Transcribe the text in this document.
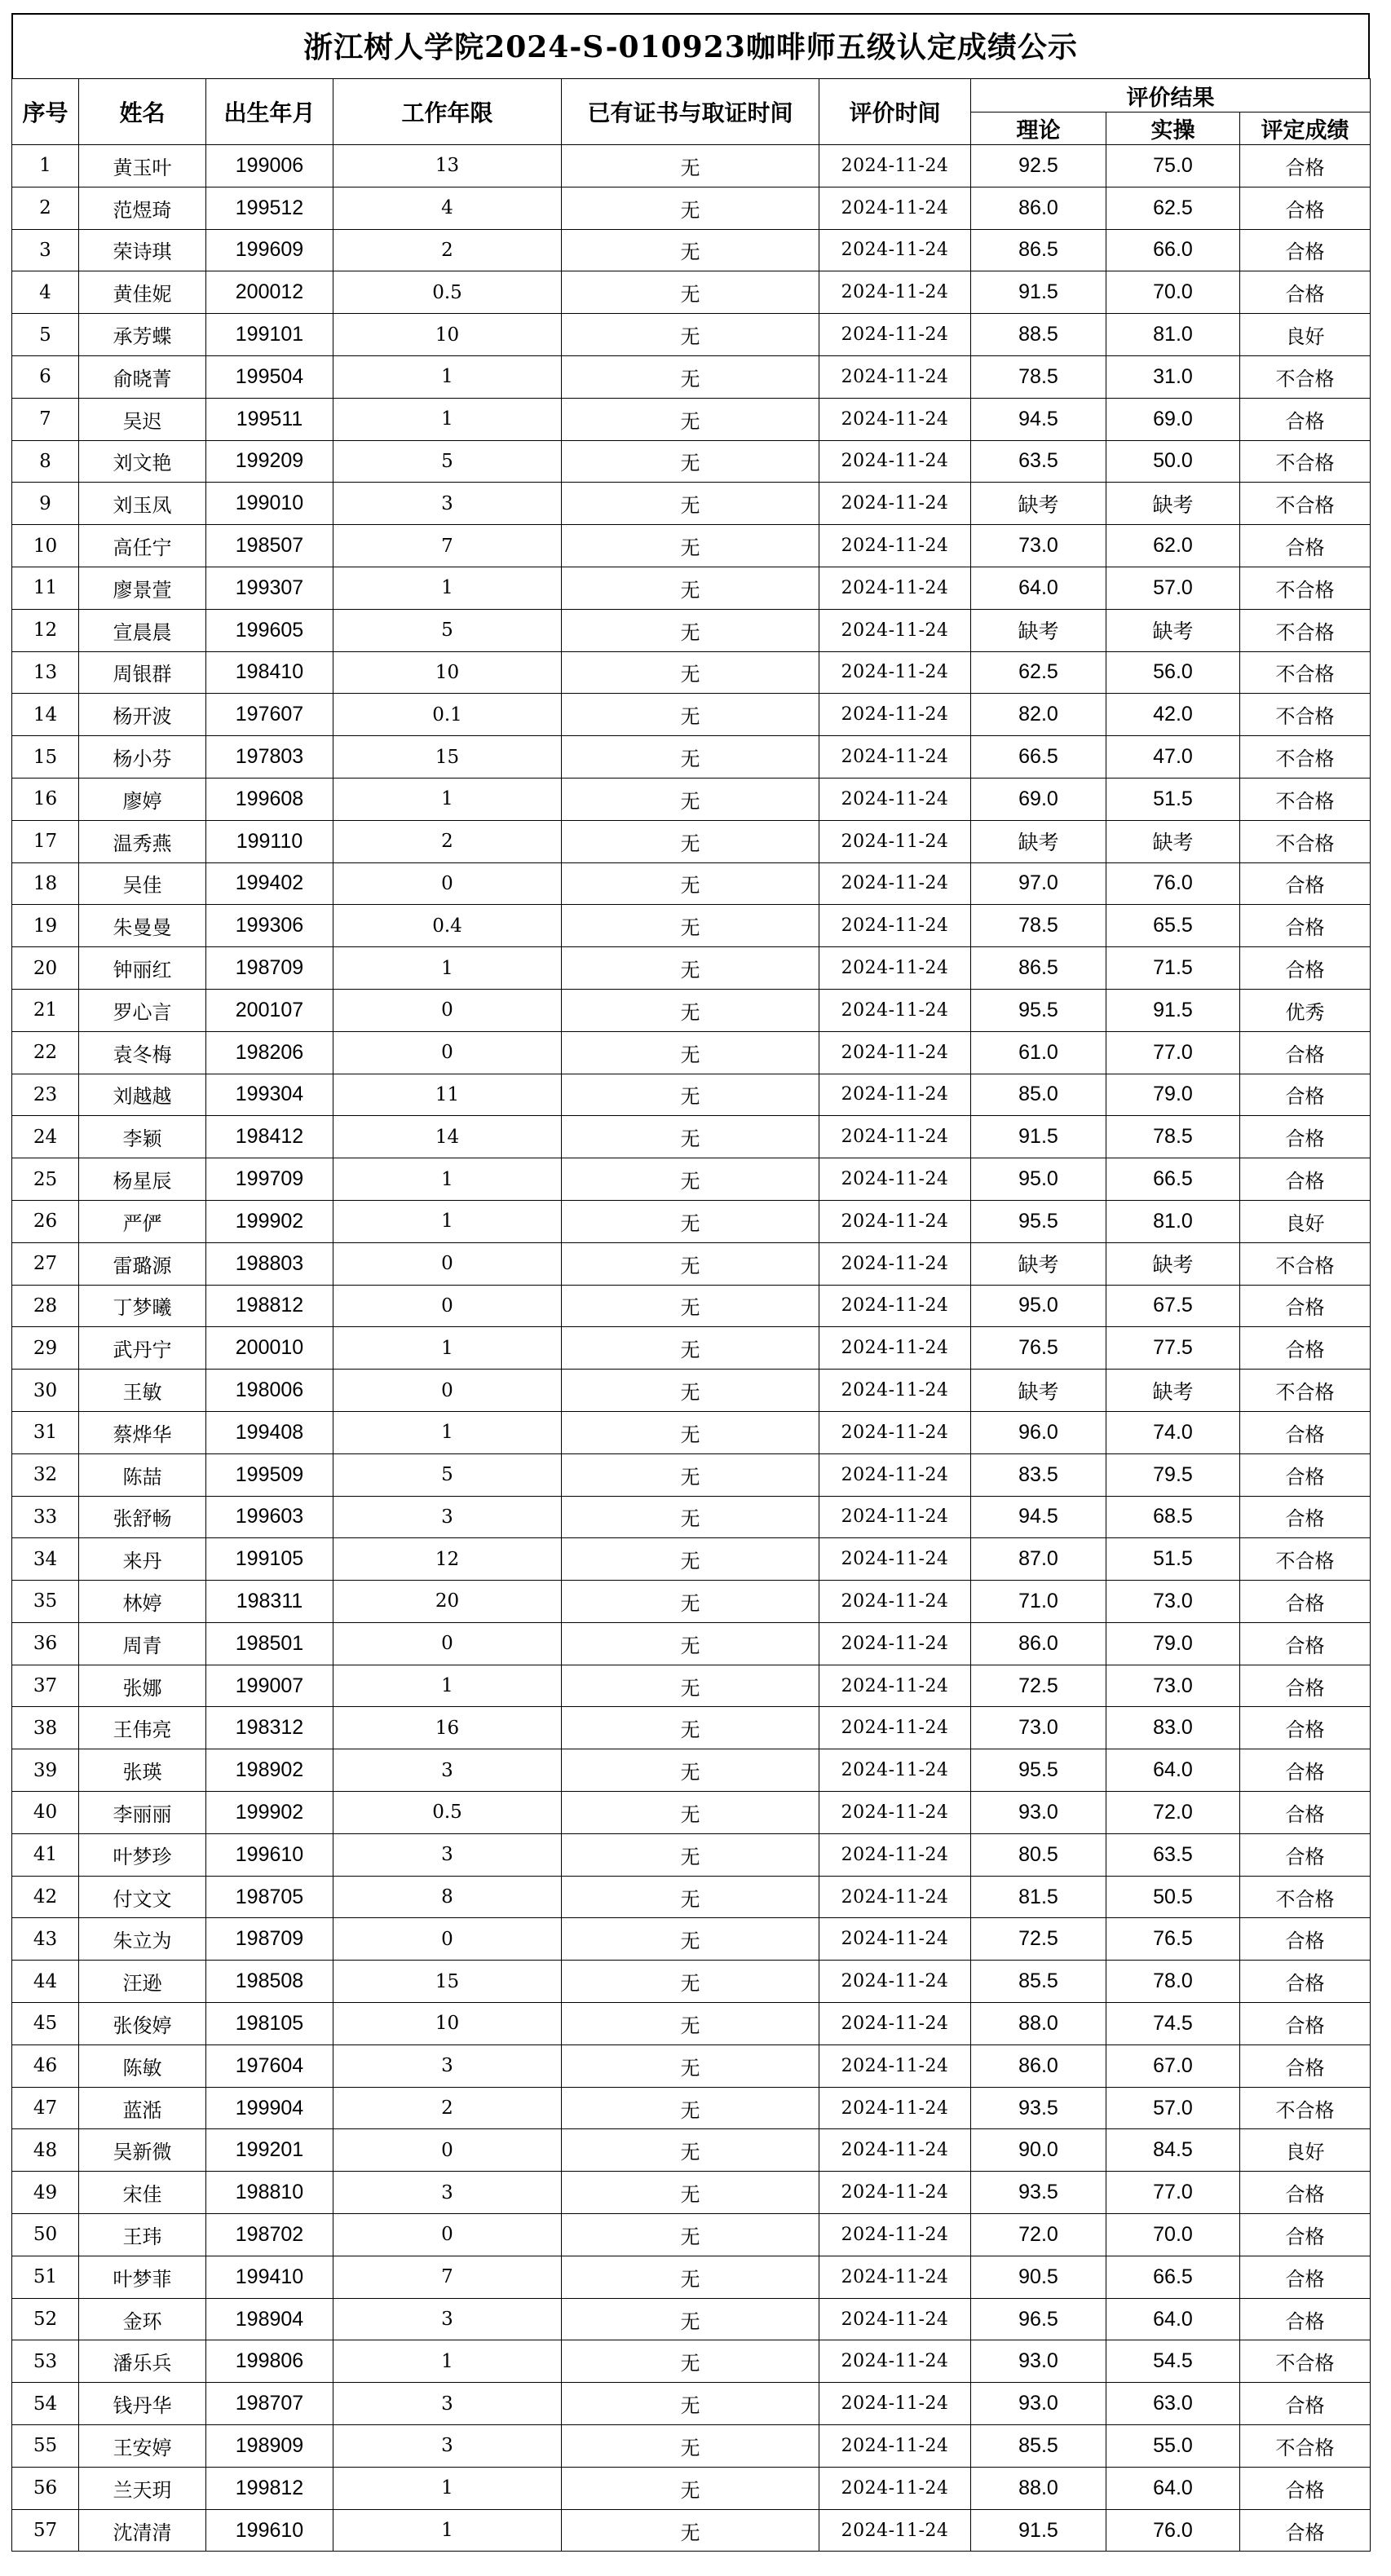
浙江树人学院2024-S-010923咖啡师五级认定成绩公示
序号	姓名	出生年月	工作年限	已有证书与取证时间	评价时间	评价结果		
						理论	实操	评定成绩
1	黄玉叶	199006	13	无	2024-11-24	92.5	75.0	合格
2	范煜琦	199512	4	无	2024-11-24	86.0	62.5	合格
3	荣诗琪	199609	2	无	2024-11-24	86.5	66.0	合格
4	黄佳妮	200012	0.5	无	2024-11-24	91.5	70.0	合格
5	承芳蝶	199101	10	无	2024-11-24	88.5	81.0	良好
6	俞晓菁	199504	1	无	2024-11-24	78.5	31.0	不合格
7	吴迟	199511	1	无	2024-11-24	94.5	69.0	合格
8	刘文艳	199209	5	无	2024-11-24	63.5	50.0	不合格
9	刘玉凤	199010	3	无	2024-11-24	缺考	缺考	不合格
10	高任宁	198507	7	无	2024-11-24	73.0	62.0	合格
11	廖景萱	199307	1	无	2024-11-24	64.0	57.0	不合格
12	宣晨晨	199605	5	无	2024-11-24	缺考	缺考	不合格
13	周银群	198410	10	无	2024-11-24	62.5	56.0	不合格
14	杨开波	197607	0.1	无	2024-11-24	82.0	42.0	不合格
15	杨小芬	197803	15	无	2024-11-24	66.5	47.0	不合格
16	廖婷	199608	1	无	2024-11-24	69.0	51.5	不合格
17	温秀燕	199110	2	无	2024-11-24	缺考	缺考	不合格
18	吴佳	199402	0	无	2024-11-24	97.0	76.0	合格
19	朱曼曼	199306	0.4	无	2024-11-24	78.5	65.5	合格
20	钟丽红	198709	1	无	2024-11-24	86.5	71.5	合格
21	罗心言	200107	0	无	2024-11-24	95.5	91.5	优秀
22	袁冬梅	198206	0	无	2024-11-24	61.0	77.0	合格
23	刘越越	199304	11	无	2024-11-24	85.0	79.0	合格
24	李颖	198412	14	无	2024-11-24	91.5	78.5	合格
25	杨星辰	199709	1	无	2024-11-24	95.0	66.5	合格
26	严俨	199902	1	无	2024-11-24	95.5	81.0	良好
27	雷璐源	198803	0	无	2024-11-24	缺考	缺考	不合格
28	丁梦曦	198812	0	无	2024-11-24	95.0	67.5	合格
29	武丹宁	200010	1	无	2024-11-24	76.5	77.5	合格
30	王敏	198006	0	无	2024-11-24	缺考	缺考	不合格
31	蔡烨华	199408	1	无	2024-11-24	96.0	74.0	合格
32	陈喆	199509	5	无	2024-11-24	83.5	79.5	合格
33	张舒畅	199603	3	无	2024-11-24	94.5	68.5	合格
34	来丹	199105	12	无	2024-11-24	87.0	51.5	不合格
35	林婷	198311	20	无	2024-11-24	71.0	73.0	合格
36	周青	198501	0	无	2024-11-24	86.0	79.0	合格
37	张娜	199007	1	无	2024-11-24	72.5	73.0	合格
38	王伟亮	198312	16	无	2024-11-24	73.0	83.0	合格
39	张瑛	198902	3	无	2024-11-24	95.5	64.0	合格
40	李丽丽	199902	0.5	无	2024-11-24	93.0	72.0	合格
41	叶梦珍	199610	3	无	2024-11-24	80.5	63.5	合格
42	付文文	198705	8	无	2024-11-24	81.5	50.5	不合格
43	朱立为	198709	0	无	2024-11-24	72.5	76.5	合格
44	汪逊	198508	15	无	2024-11-24	85.5	78.0	合格
45	张俊婷	198105	10	无	2024-11-24	88.0	74.5	合格
46	陈敏	197604	3	无	2024-11-24	86.0	67.0	合格
47	蓝湉	199904	2	无	2024-11-24	93.5	57.0	不合格
48	吴新微	199201	0	无	2024-11-24	90.0	84.5	良好
49	宋佳	198810	3	无	2024-11-24	93.5	77.0	合格
50	王玮	198702	0	无	2024-11-24	72.0	70.0	合格
51	叶梦菲	199410	7	无	2024-11-24	90.5	66.5	合格
52	金环	198904	3	无	2024-11-24	96.5	64.0	合格
53	潘乐兵	199806	1	无	2024-11-24	93.0	54.5	不合格
54	钱丹华	198707	3	无	2024-11-24	93.0	63.0	合格
55	王安婷	198909	3	无	2024-11-24	85.5	55.0	不合格
56	兰天玥	199812	1	无	2024-11-24	88.0	64.0	合格
57	沈清清	199610	1	无	2024-11-24	91.5	76.0	合格
